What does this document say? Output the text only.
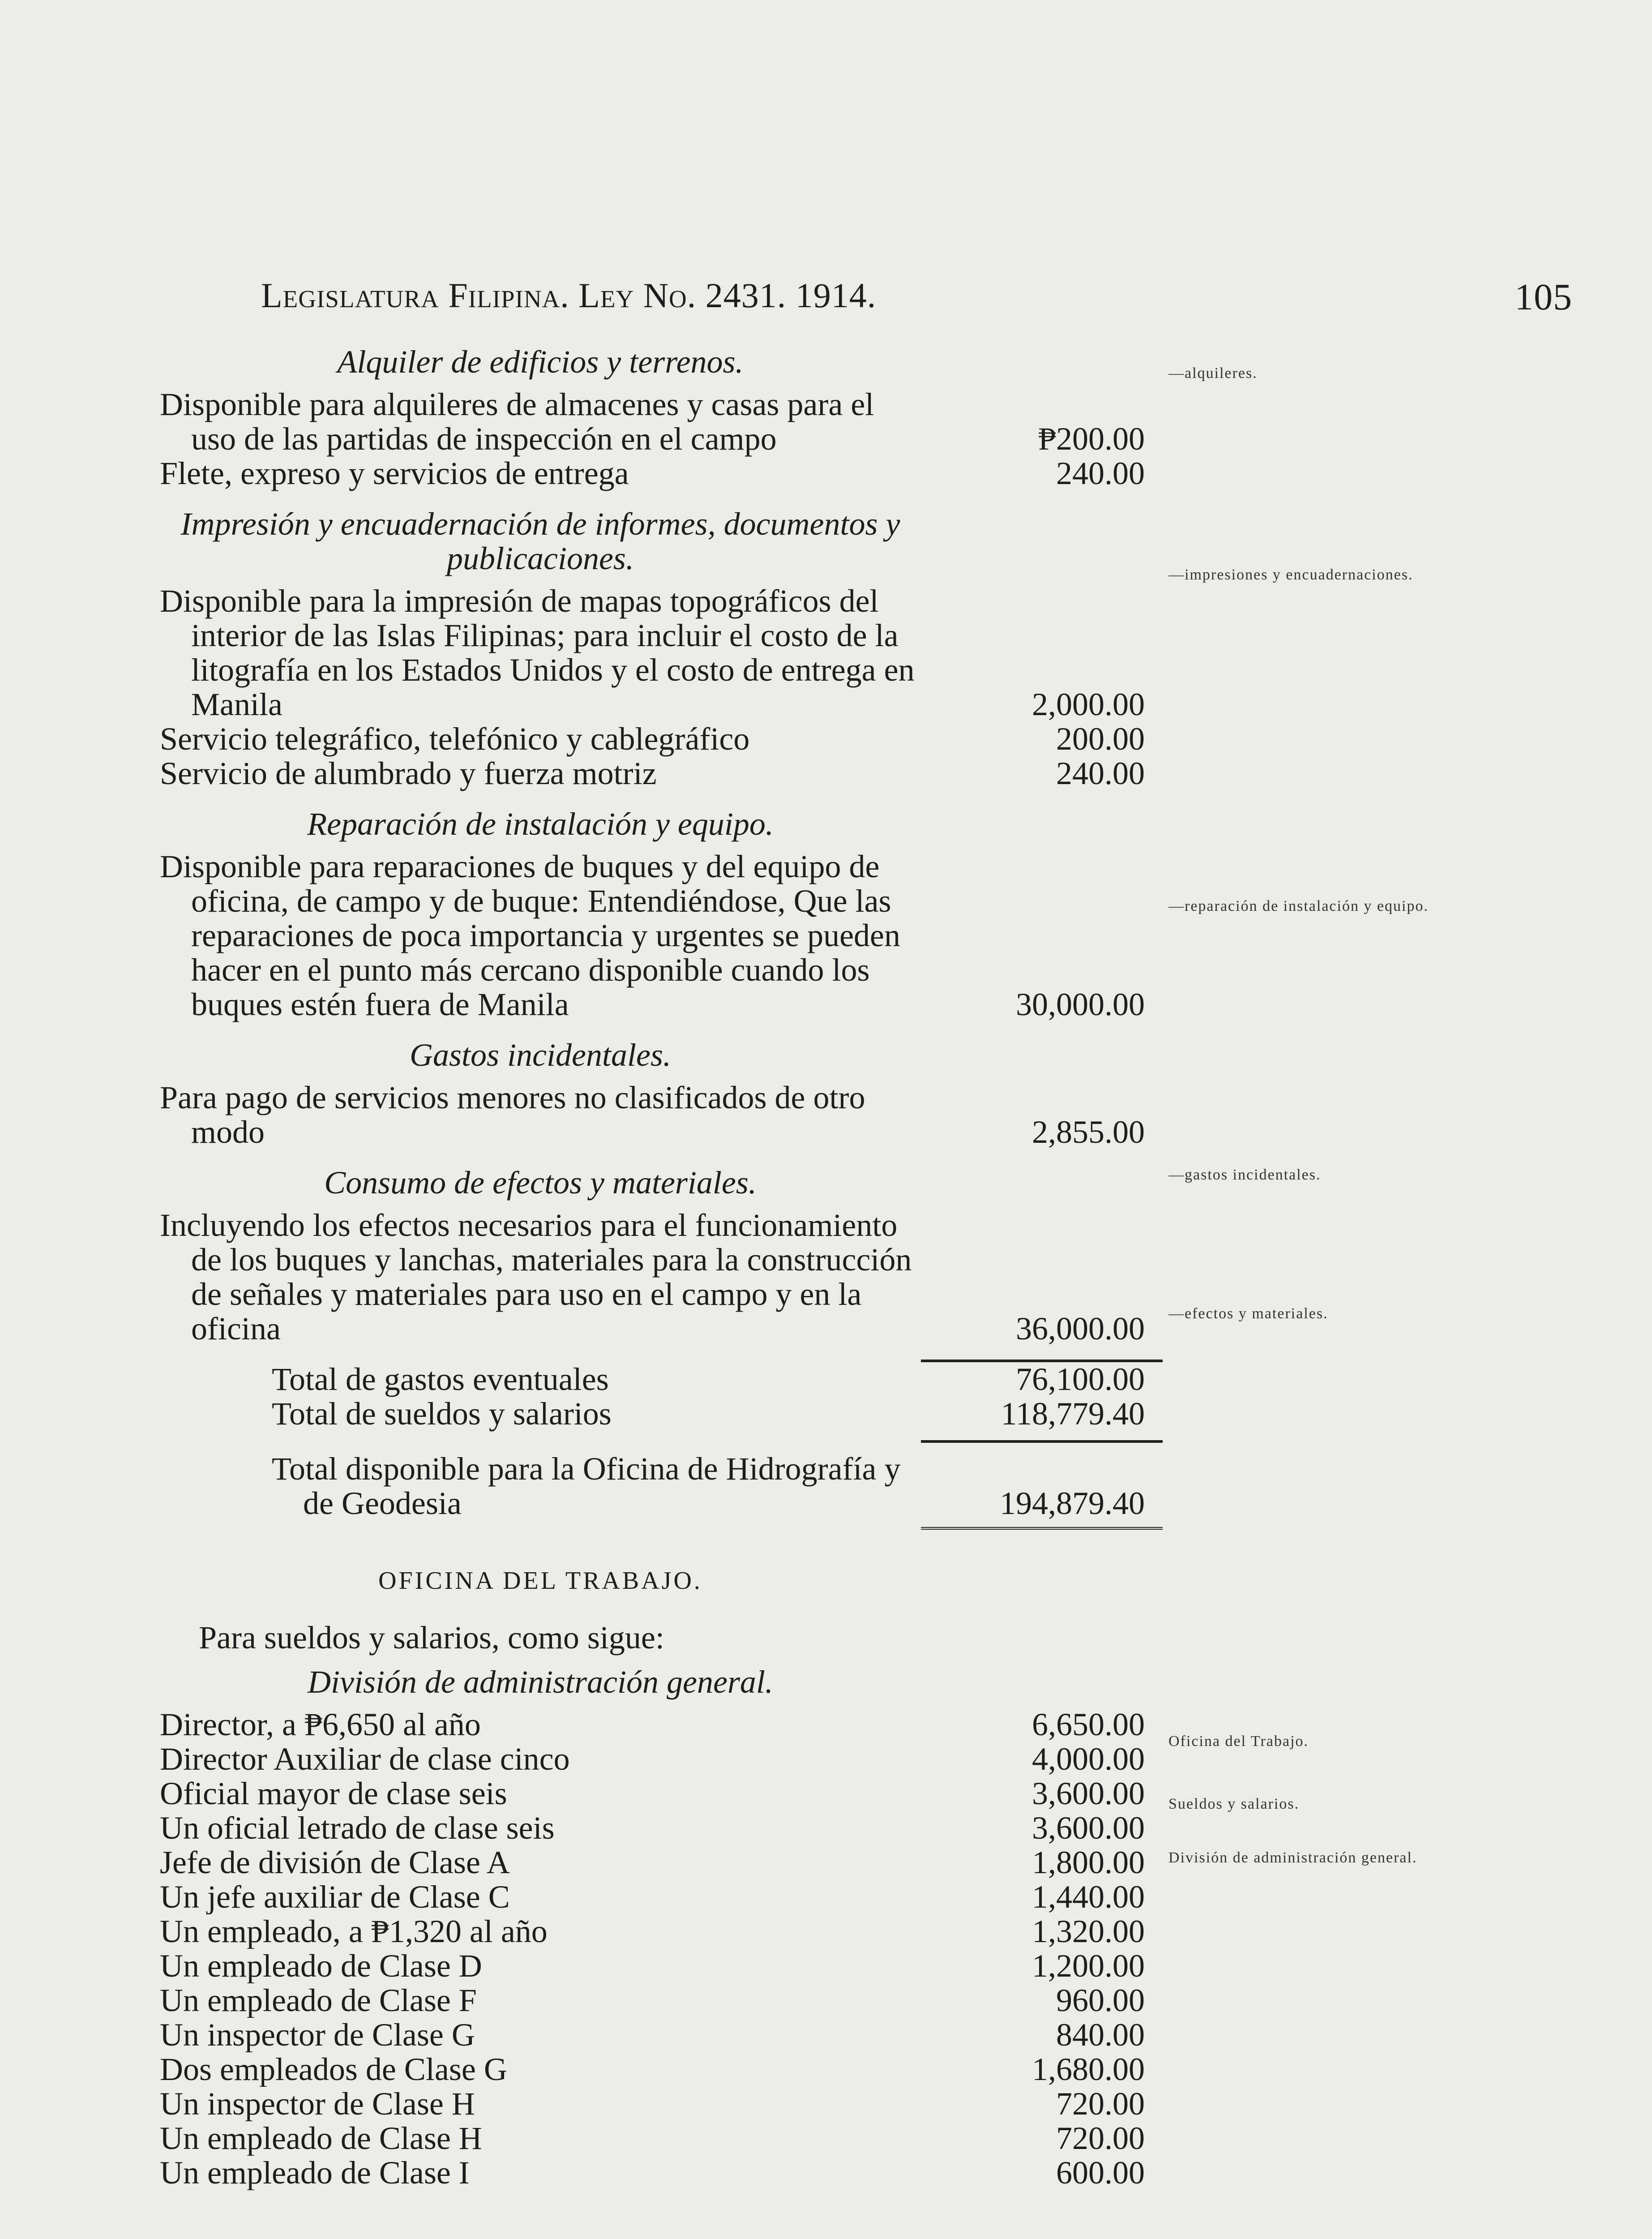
Legislatura Filipina. Ley No. 2431. 1914.	105
—alquileres.
—impresiones y encuadernaciones.
—reparación de instalación y equipo.
—gastos incidentales.
—efectos y materiales.
Oficina del Trabajo.
Sueldos y salarios.
División de administración general.
Alquiler de edificios y terrenos.
Disponible para alquileres de almacenes y casas para el uso de las partidas de inspección en el campo	₱200.00
Flete, expreso y servicios de entrega	240.00
Impresión y encuadernación de informes, documentos y publicaciones.
Disponible para la impresión de mapas topográficos del interior de las Islas Filipinas; para incluir el costo de la litografía en los Estados Unidos y el costo de entrega en Manila	2,000.00
Servicio telegráfico, telefónico y cablegráfico	200.00
Servicio de alumbrado y fuerza motriz	240.00
Reparación de instalación y equipo.
Disponible para reparaciones de buques y del equipo de oficina, de campo y de buque: Entendiéndose, Que las reparaciones de poca importancia y urgentes se pueden hacer en el punto más cercano disponible cuando los buques estén fuera de Manila	30,000.00
Gastos incidentales.
Para pago de servicios menores no clasificados de otro modo	2,855.00
Consumo de efectos y materiales.
Incluyendo los efectos necesarios para el funcionamiento de los buques y lanchas, materiales para la construcción de señales y materiales para uso en el campo y en la oficina	36,000.00
Total de gastos eventuales	76,100.00
Total de sueldos y salarios	118,779.40
Total disponible para la Oficina de Hidrografía y de Geodesia	194,879.40
OFICINA DEL TRABAJO.
Para sueldos y salarios, como sigue:
División de administración general.
Director, a ₱6,650 al año	6,650.00
Director Auxiliar de clase cinco	4,000.00
Oficial mayor de clase seis	3,600.00
Un oficial letrado de clase seis	3,600.00
Jefe de división de Clase A	1,800.00
Un jefe auxiliar de Clase C	1,440.00
Un empleado, a ₱1,320 al año	1,320.00
Un empleado de Clase D	1,200.00
Un empleado de Clase F	960.00
Un inspector de Clase G	840.00
Dos empleados de Clase G	1,680.00
Un inspector de Clase H	720.00
Un empleado de Clase H	720.00
Un empleado de Clase I	600.00
